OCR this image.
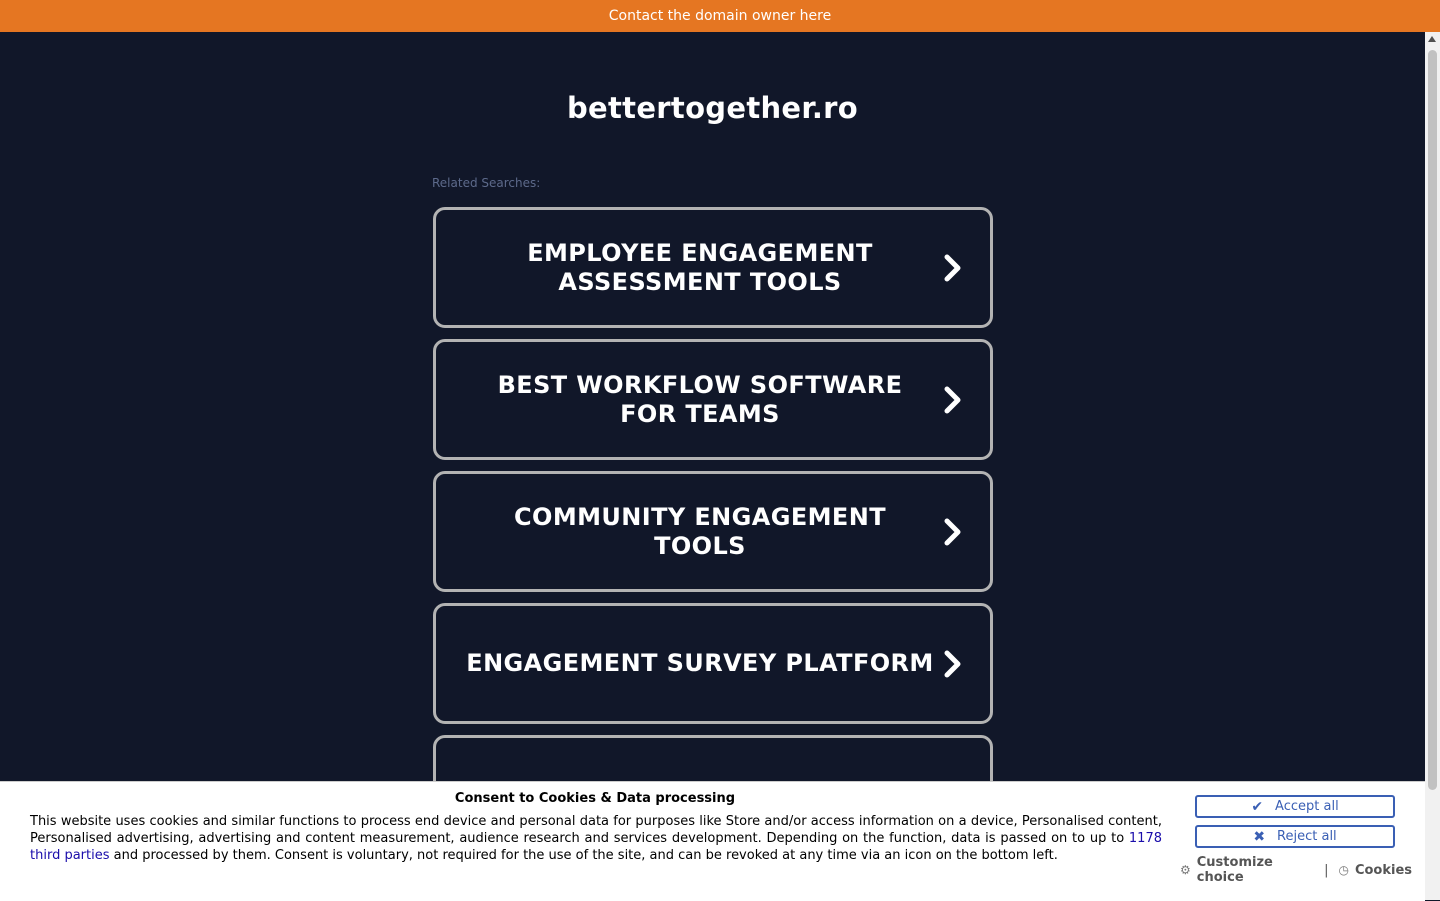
Contact the domain owner here
bettertogether.ro
Related Searches:
EMPLOYEE ENGAGEMENT ASSESSMENT TOOLS
BEST WORKFLOW SOFTWARE FOR TEAMS
COMMUNITY ENGAGEMENT TOOLS
ENGAGEMENT SURVEY PLATFORM
Consent to Cookies & Data processing
This website uses cookies and similar functions to process end device and personal data for purposes like Store and/or access information on a device, Personalised content, Personalised advertising, advertising and content measurement, audience research and services development. Depending on the function, data is passed on to up to 1178 third parties and processed by them. Consent is voluntary, not required for the use of the site, and can be revoked at any time via an icon on the bottom left.
✔ Accept all
✖ Reject all
⚙ Customize choice	| ◷ Cookies
